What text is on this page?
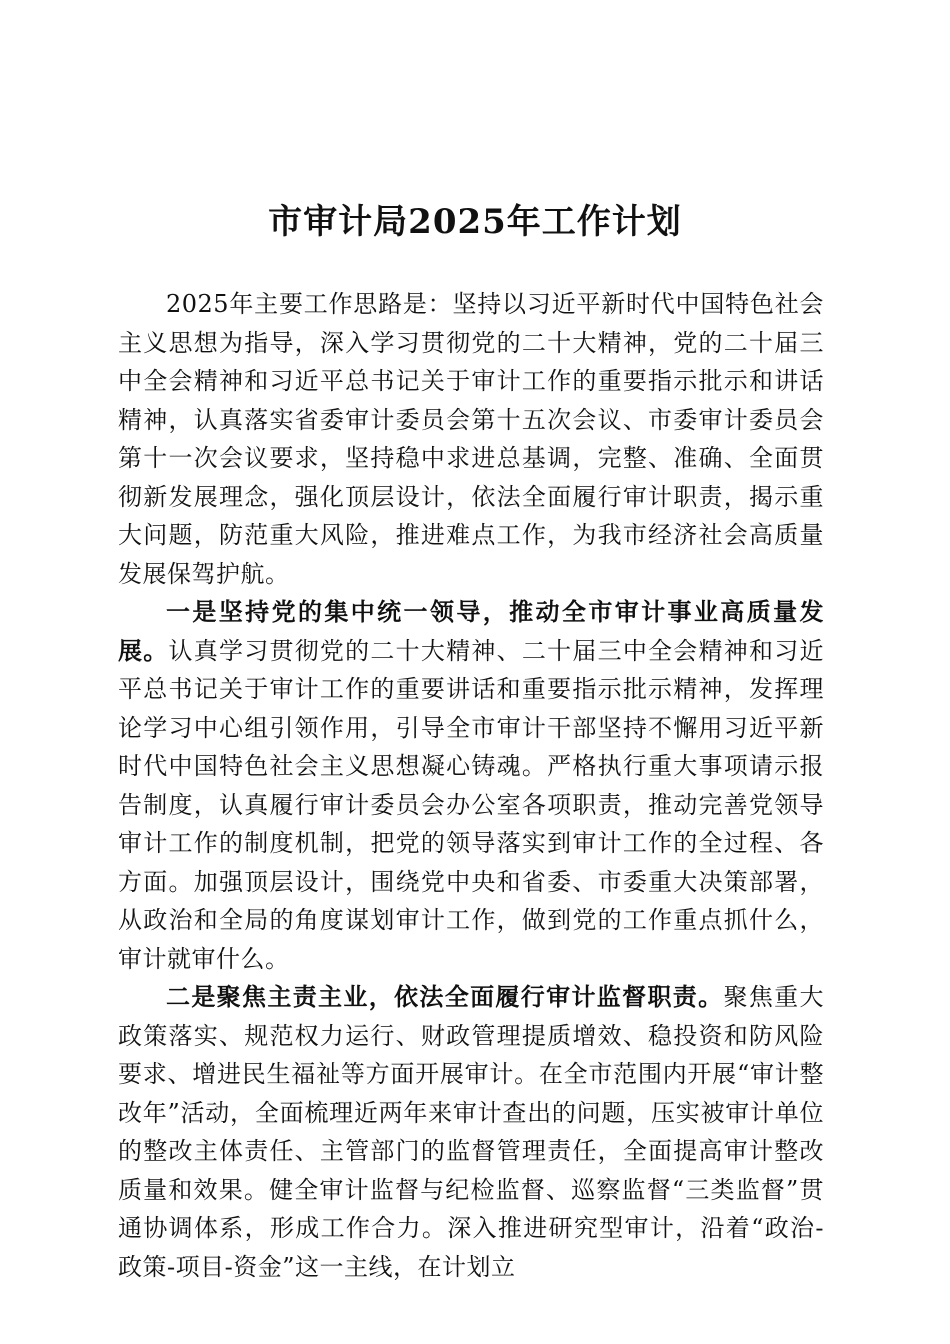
市审计局2025年工作计划

2025年主要工作思路是：坚持以习近平新时代中国特色社会主义思想为指导，深入学习贯彻党的二十大精神，党的二十届三中全会精神和习近平总书记关于审计工作的重要指示批示和讲话精神，认真落实省委审计委员会第十五次会议、市委审计委员会第十一次会议要求，坚持稳中求进总基调，完整、准确、全面贯彻新发展理念，强化顶层设计，依法全面履行审计职责，揭示重大问题，防范重大风险，推进难点工作，为我市经济社会高质量发展保驾护航。

一是坚持党的集中统一领导，推动全市审计事业高质量发展。认真学习贯彻党的二十大精神、二十届三中全会精神和习近平总书记关于审计工作的重要讲话和重要指示批示精神，发挥理论学习中心组引领作用，引导全市审计干部坚持不懈用习近平新时代中国特色社会主义思想凝心铸魂。严格执行重大事项请示报告制度，认真履行审计委员会办公室各项职责，推动完善党领导审计工作的制度机制，把党的领导落实到审计工作的全过程、各方面。加强顶层设计，围绕党中央和省委、市委重大决策部署，从政治和全局的角度谋划审计工作，做到党的工作重点抓什么，审计就审什么。

二是聚焦主责主业，依法全面履行审计监督职责。聚焦重大政策落实、规范权力运行、财政管理提质增效、稳投资和防风险要求、增进民生福祉等方面开展审计。在全市范围内开展“审计整改年”活动，全面梳理近两年来审计查出的问题，压实被审计单位的整改主体责任、主管部门的监督管理责任，全面提高审计整改质量和效果。健全审计监督与纪检监督、巡察监督“三类监督”贯通协调体系，形成工作合力。深入推进研究型审计，沿着“政治-政策-项目-资金”这一主线，在计划立
